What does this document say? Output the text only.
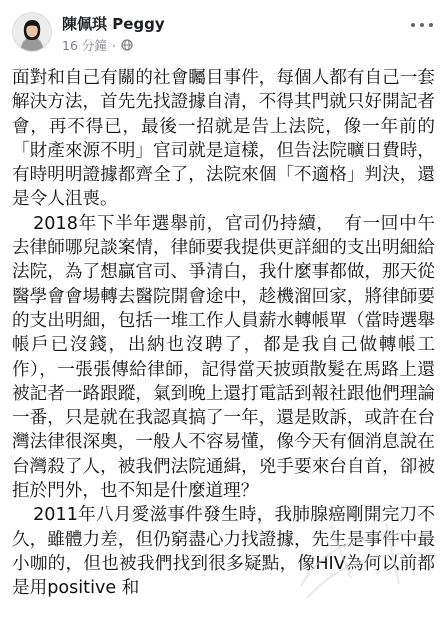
陳佩琪 Peggy
16 分鐘 ·

面對和自己有關的社會矚目事件，每個人都有自己一套解決方法，首先先找證據自清，不得其門就只好開記者會，再不得已，最後一招就是告上法院，像一年前的「財產來源不明」官司就是這樣，但告法院曠日費時，有時明明證據都齊全了，法院來個「不適格」判決，還是令人沮喪。

2018年下半年選舉前，官司仍持續，　有一回中午去律師哪兒談案情，律師要我提供更詳細的支出明細給法院，為了想贏官司、爭清白，我什麼事都做，那天從醫學會會場轉去醫院開會途中，趁機溜回家，將律師要的支出明細，包括一堆工作人員薪水轉帳單（當時選舉帳戶已沒錢，出納也沒聘了，都是我自己做轉帳工作），一張張傳給律師，記得當天披頭散髮在馬路上還被記者一路跟蹤，氣到晚上還打電話到報社跟他們理論一番，只是就在我認真搞了一年，還是敗訴，或許在台灣法律很深奧，一般人不容易懂，像今天有個消息說在台灣殺了人，被我們法院通緝，兇手要來台自首，卻被拒於門外，也不知是什麼道理？

2011年八月愛滋事件發生時，我肺腺癌剛開完刀不久，雖體力差，但仍窮盡心力找證據，先生是事件中最小咖的，但也被我們找到很多疑點，像HIV為何以前都是用positive 和
